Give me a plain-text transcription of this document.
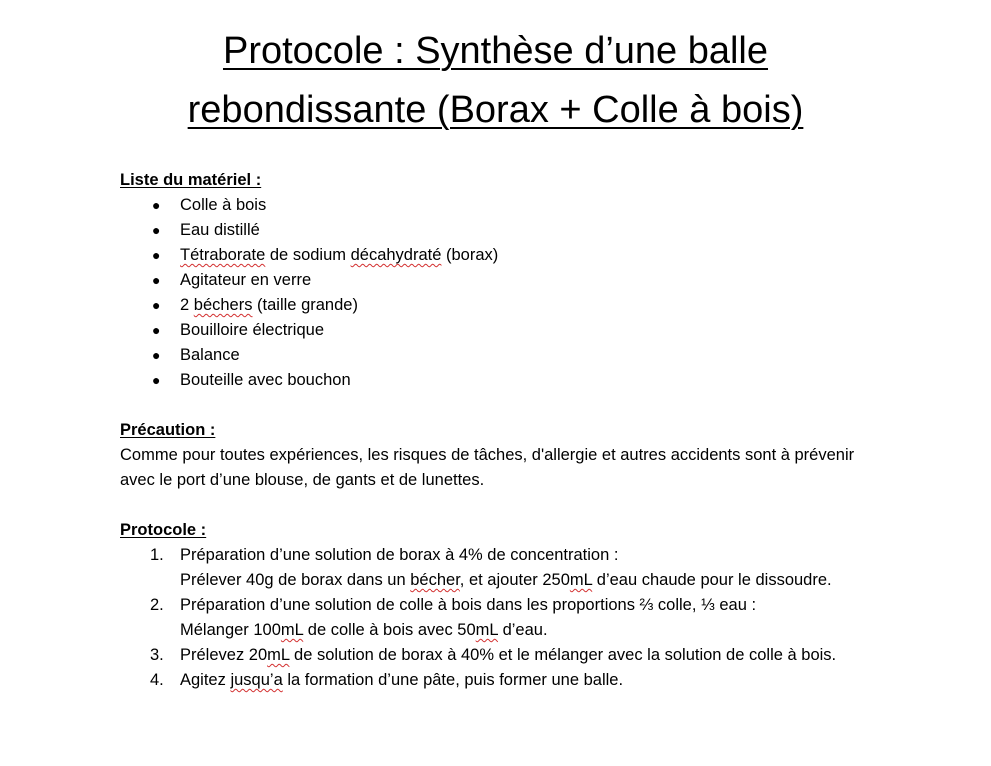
Protocole : Synthèse d’une balle
rebondissante (Borax + Colle à bois)

Liste du matériel :

● Colle à bois
● Eau distillé
● Tétraborate de sodium décahydraté (borax)
● Agitateur en verre
● 2 béchers (taille grande)
● Bouilloire électrique
● Balance
● Bouteille avec bouchon

Précaution :

Comme pour toutes expériences, les risques de tâches, d'allergie et autres accidents sont à prévenir avec le port d’une blouse, de gants et de lunettes.

Protocole :

1. Préparation d’une solution de borax à 4% de concentration :
Prélever 40g de borax dans un bécher, et ajouter 250mL d’eau chaude pour le dissoudre.
2. Préparation d’une solution de colle à bois dans les proportions ⅔ colle, ⅓ eau :
Mélanger 100mL de colle à bois avec 50mL d’eau.
3. Prélevez 20mL de solution de borax à 40% et le mélanger avec la solution de colle à bois.
4. Agitez jusqu’a la formation d’une pâte, puis former une balle.
